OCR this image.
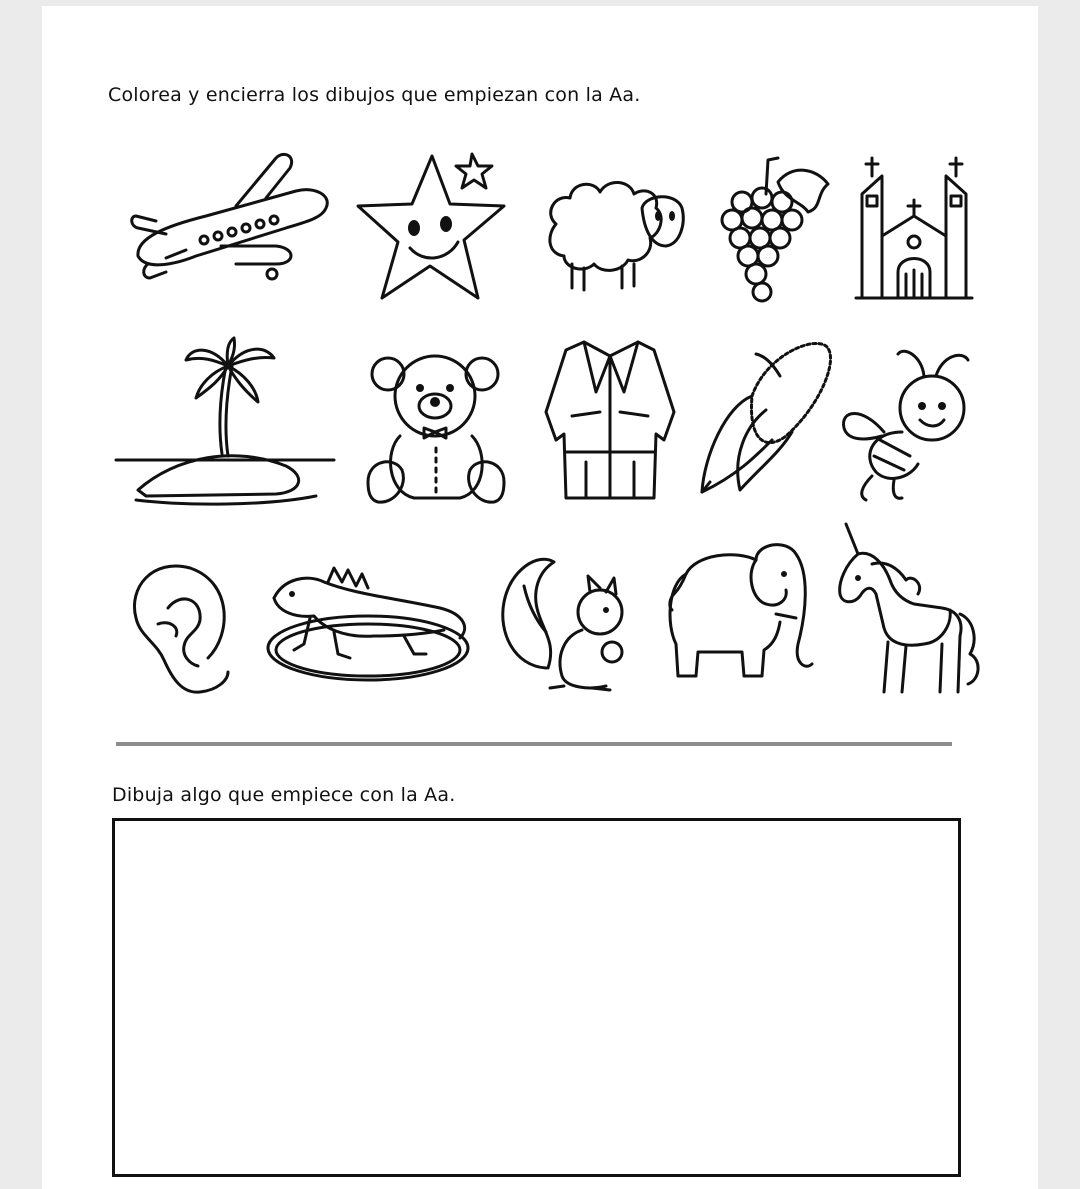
Colorea y encierra los dibujos que empiezan con la Aa.
Dibuja algo que empiece con la Aa.
